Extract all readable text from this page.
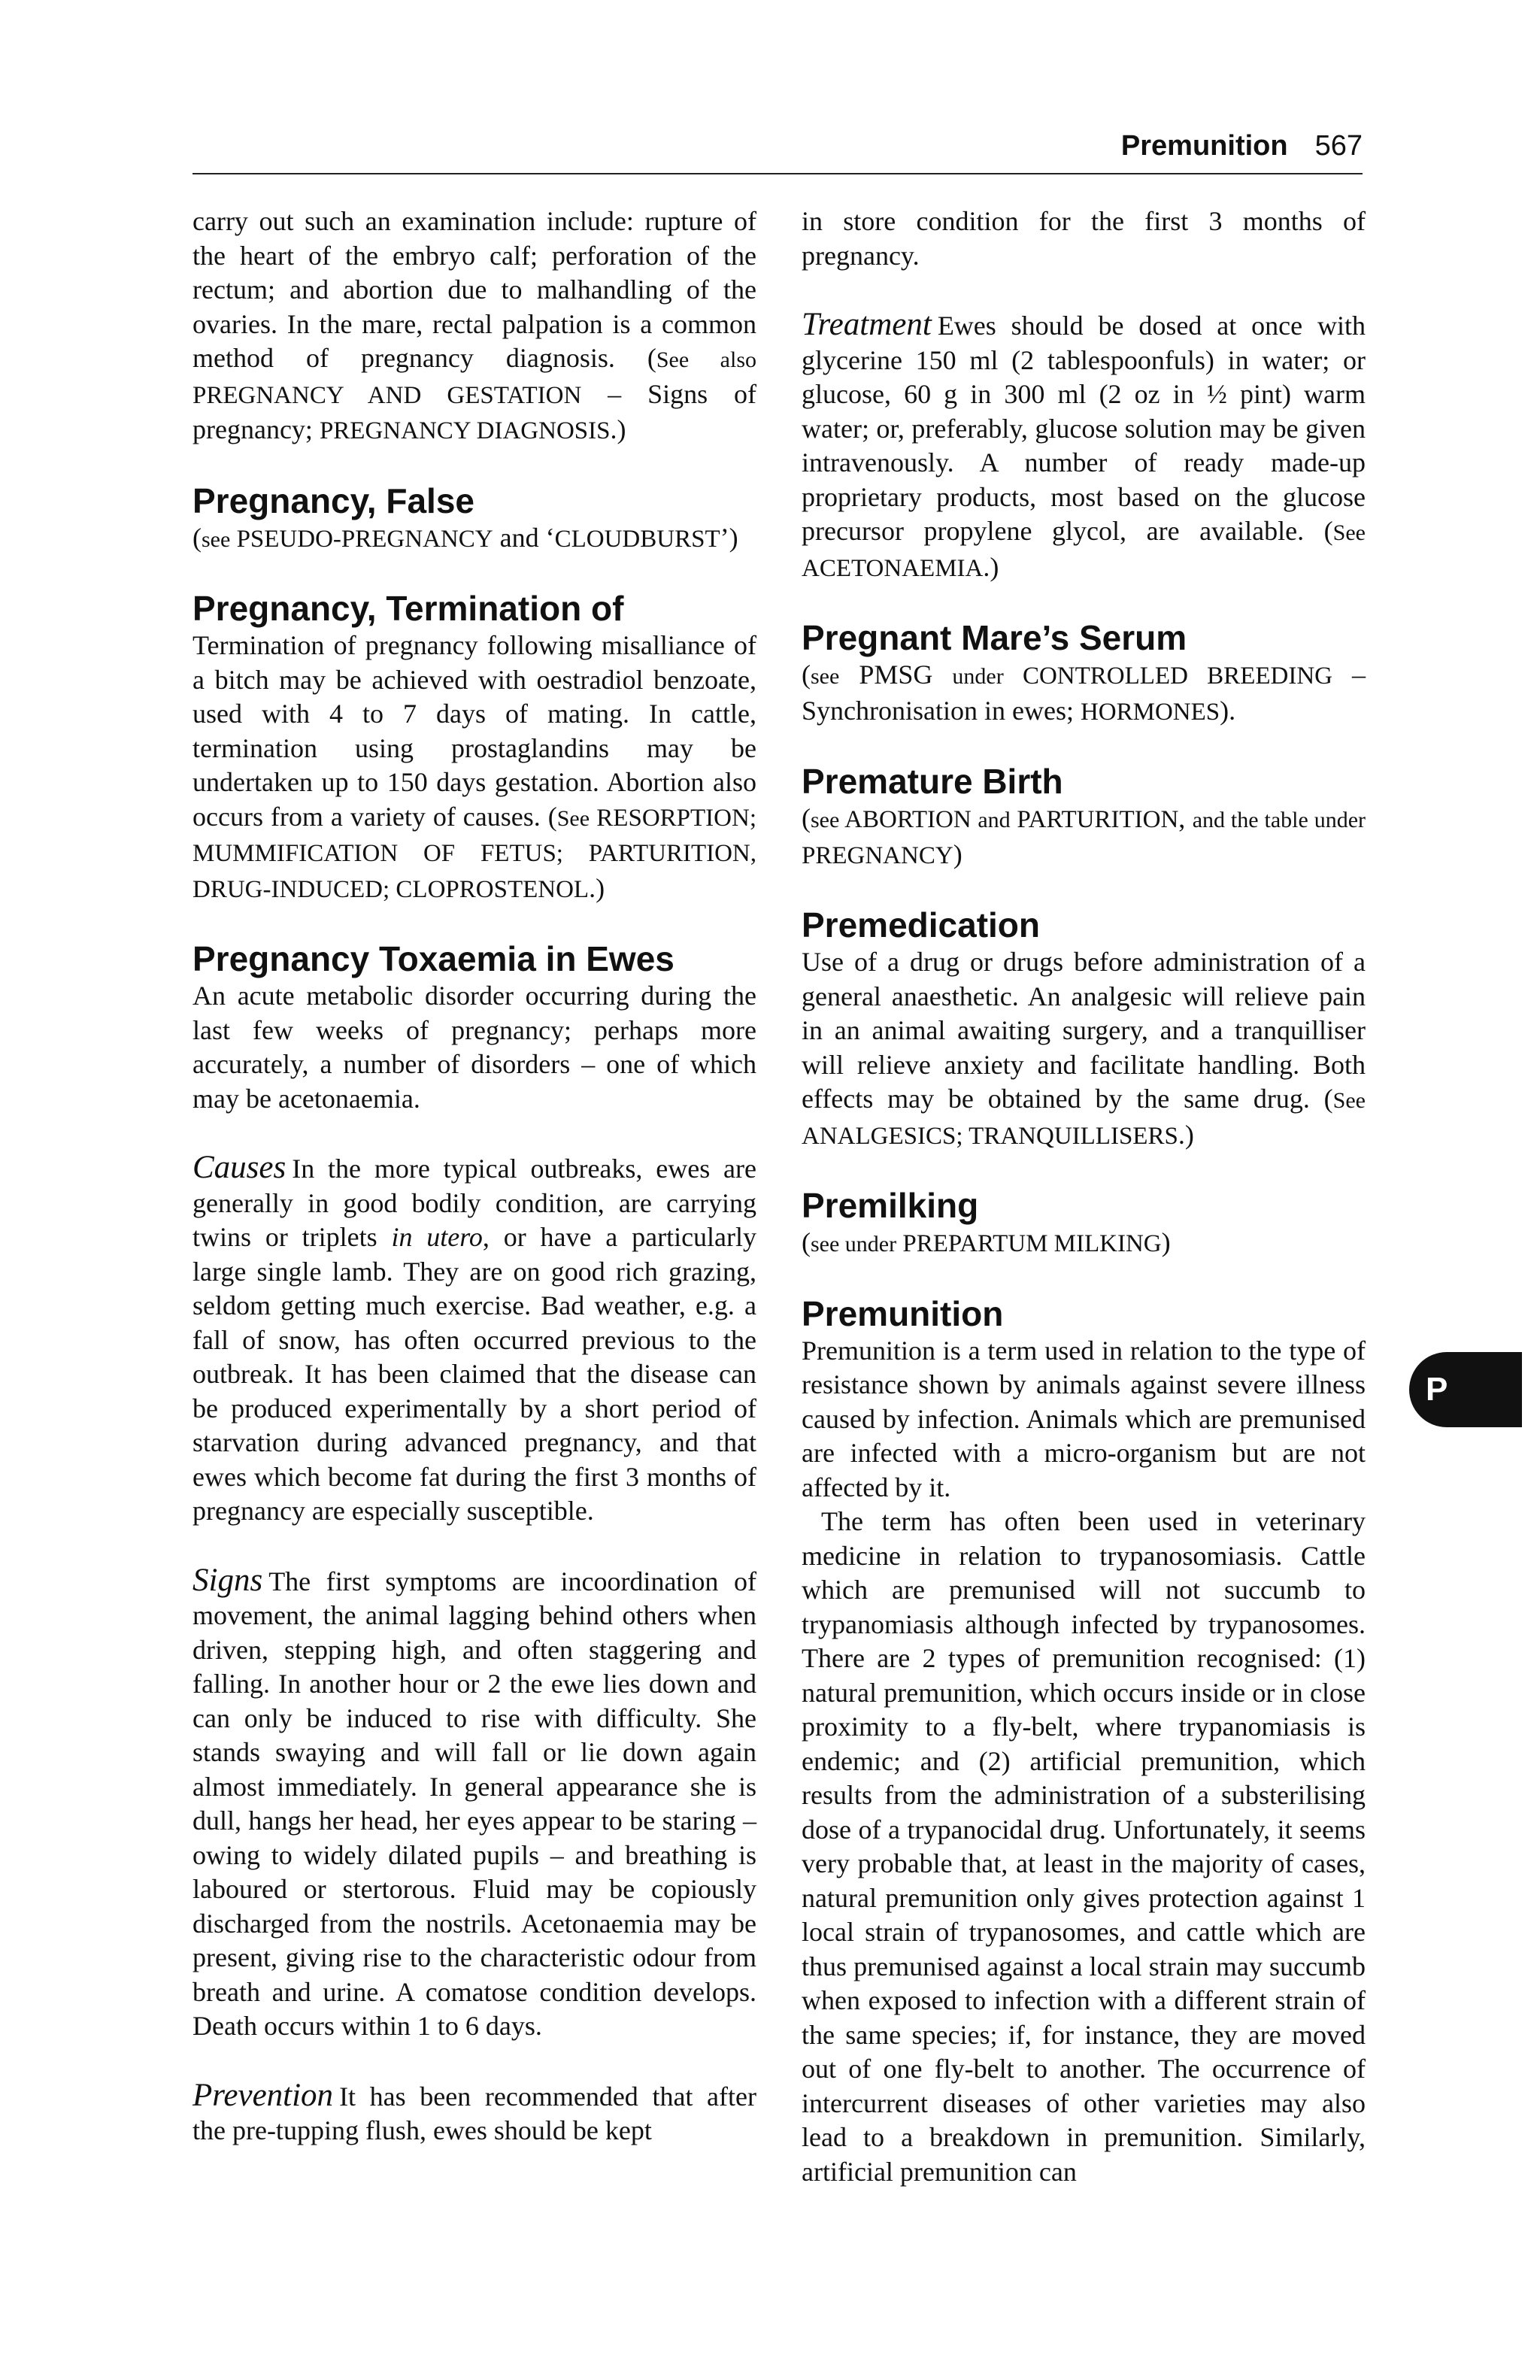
Premunition 567

carry out such an examination include: rupture of the heart of the embryo calf; perforation of the rectum; and abortion due to malhandling of the ovaries. In the mare, rectal palpation is a common method of pregnancy diagnosis. (See also PREGNANCY AND GESTATION – Signs of pregnancy; PREGNANCY DIAGNOSIS.)

Pregnancy, False

(see PSEUDO-PREGNANCY and ‘CLOUDBURST’)

Pregnancy, Termination of

Termination of pregnancy following misalliance of a bitch may be achieved with oestradiol benzoate, used with 4 to 7 days of mating. In cattle, termination using prostaglandins may be undertaken up to 150 days gestation. Abortion also occurs from a variety of causes. (See RESORPTION; MUMMIFICATION OF FETUS; PARTURITION, DRUG-INDUCED; CLOPROSTENOL.)

Pregnancy Toxaemia in Ewes

An acute metabolic disorder occurring during the last few weeks of pregnancy; perhaps more accurately, a number of disorders – one of which may be acetonaemia.

Causes In the more typical outbreaks, ewes are generally in good bodily condition, are carrying twins or triplets in utero, or have a particularly large single lamb. They are on good rich grazing, seldom getting much exercise. Bad weather, e.g. a fall of snow, has often occurred previous to the outbreak. It has been claimed that the disease can be produced experimentally by a short period of starvation during advanced pregnancy, and that ewes which become fat during the first 3 months of pregnancy are especially susceptible.

Signs The first symptoms are incoordination of movement, the animal lagging behind others when driven, stepping high, and often staggering and falling. In another hour or 2 the ewe lies down and can only be induced to rise with difficulty. She stands swaying and will fall or lie down again almost immediately. In general appearance she is dull, hangs her head, her eyes appear to be staring – owing to widely dilated pupils – and breathing is laboured or stertorous. Fluid may be copiously discharged from the nostrils. Acetonaemia may be present, giving rise to the characteristic odour from breath and urine. A comatose condition develops. Death occurs within 1 to 6 days.

Prevention It has been recommended that after the pre-tupping flush, ewes should be kept

in store condition for the first 3 months of pregnancy.

Treatment Ewes should be dosed at once with glycerine 150 ml (2 tablespoonfuls) in water; or glucose, 60 g in 300 ml (2 oz in ½ pint) warm water; or, preferably, glucose solution may be given intravenously. A number of ready made-up proprietary products, most based on the glucose precursor propylene glycol, are available. (See ACETONAEMIA.)

Pregnant Mare’s Serum

(see PMSG under CONTROLLED BREEDING – Synchronisation in ewes; HORMONES).

Premature Birth

(see ABORTION and PARTURITION, and the table under PREGNANCY)

Premedication

Use of a drug or drugs before administration of a general anaesthetic. An analgesic will relieve pain in an animal awaiting surgery, and a tranquilliser will relieve anxiety and facilitate handling. Both effects may be obtained by the same drug. (See ANALGESICS; TRANQUILLISERS.)

Premilking

(see under PREPARTUM MILKING)

Premunition

Premunition is a term used in relation to the type of resistance shown by animals against severe illness caused by infection. Animals which are premunised are infected with a micro-organism but are not affected by it.

The term has often been used in veterinary medicine in relation to trypanosomiasis. Cattle which are premunised will not succumb to trypanomiasis although infected by trypanosomes. There are 2 types of premunition recognised: (1) natural premunition, which occurs inside or in close proximity to a fly-belt, where trypanomiasis is endemic; and (2) artificial premunition, which results from the administration of a substerilising dose of a trypanocidal drug. Unfortunately, it seems very probable that, at least in the majority of cases, natural premunition only gives protection against 1 local strain of trypanosomes, and cattle which are thus premunised against a local strain may succumb when exposed to infection with a different strain of the same species; if, for instance, they are moved out of one fly-belt to another. The occurrence of intercurrent diseases of other varieties may also lead to a breakdown in premunition. Similarly, artificial premunition can

P
